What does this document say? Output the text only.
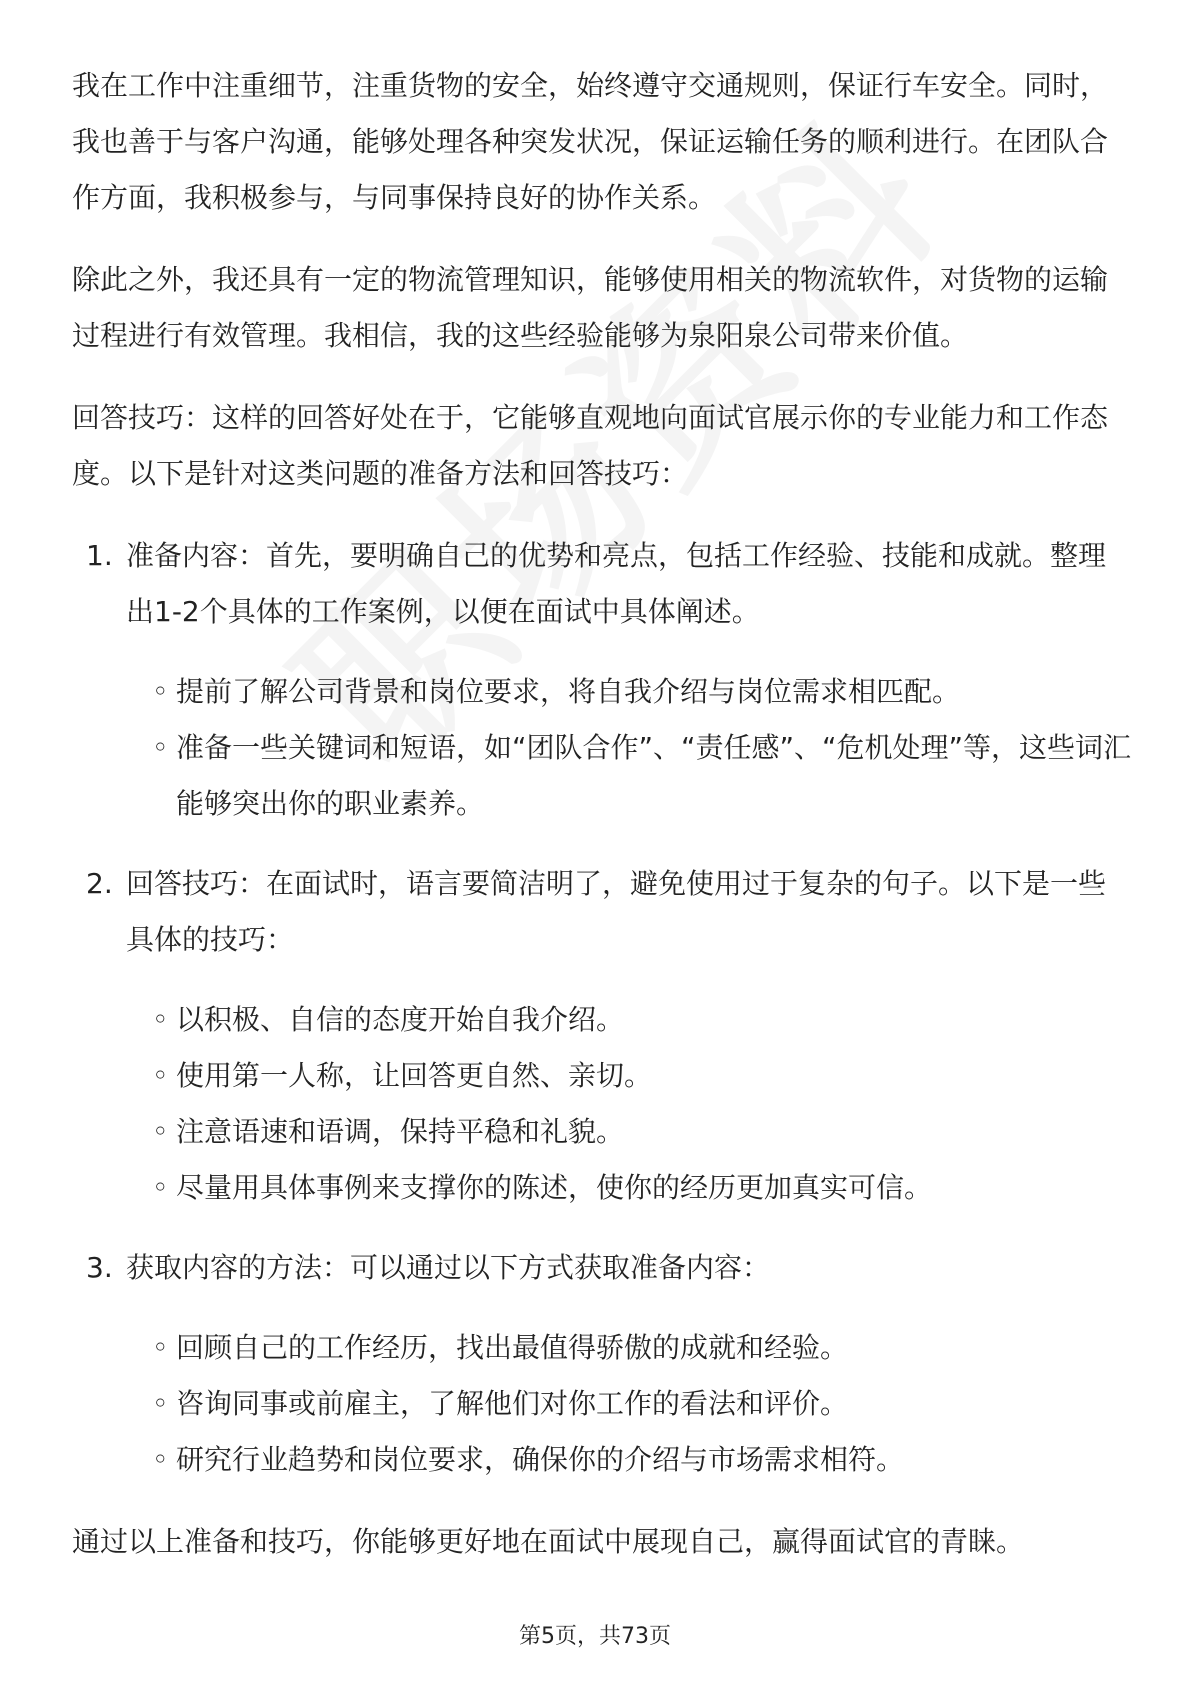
我在工作中注重细节，注重货物的安全，始终遵守交通规则，保证行车安全。同时，我也善于与客户沟通，能够处理各种突发状况，保证运输任务的顺利进行。在团队合作方面，我积极参与，与同事保持良好的协作关系。

除此之外，我还具有一定的物流管理知识，能够使用相关的物流软件，对货物的运输过程进行有效管理。我相信，我的这些经验能够为泉阳泉公司带来价值。

回答技巧：这样的回答好处在于，它能够直观地向面试官展示你的专业能力和工作态度。以下是针对这类问题的准备方法和回答技巧：

1. 准备内容：首先，要明确自己的优势和亮点，包括工作经验、技能和成就。整理出1-2个具体的工作案例，以便在面试中具体阐述。

◦ 提前了解公司背景和岗位要求，将自我介绍与岗位需求相匹配。
◦ 准备一些关键词和短语，如“团队合作”、“责任感”、“危机处理”等，这些词汇能够突出你的职业素养。
2. 回答技巧：在面试时，语言要简洁明了，避免使用过于复杂的句子。以下是一些具体的技巧：

◦ 以积极、自信的态度开始自我介绍。
◦ 使用第一人称，让回答更自然、亲切。
◦ 注意语速和语调，保持平稳和礼貌。
◦ 尽量用具体事例来支撑你的陈述，使你的经历更加真实可信。
3. 获取内容的方法：可以通过以下方式获取准备内容：

◦ 回顾自己的工作经历，找出最值得骄傲的成就和经验。
◦ 咨询同事或前雇主，了解他们对你工作的看法和评价。
◦ 研究行业趋势和岗位要求，确保你的介绍与市场需求相符。

通过以上准备和技巧，你能够更好地在面试中展现自己，赢得面试官的青睐。

第5页，共73页
